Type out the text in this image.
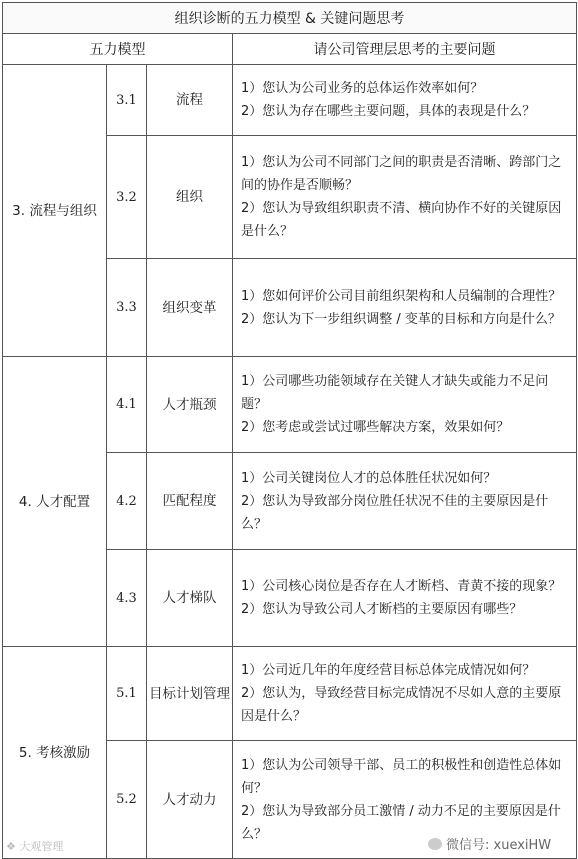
组织诊断的五力模型 & 关键问题思考			
五力模型			请公司管理层思考的主要问题
3. 流程与组织	3.1	流程	1）您认为公司业务的总体运作效率如何？
2）您认为存在哪些主要问题，具体的表现是什么？

	3.2	组织	1）您认为公司不同部门之间的职责是否清晰、跨部门之间的协作是否顺畅？
2）您认为导致组织职责不清、横向协作不好的关键原因是什么？

	3.3	组织变革	1）您如何评价公司目前组织架构和人员编制的合理性？
2）您认为下一步组织调整 / 变革的目标和方向是什么？

4. 人才配置	4.1	人才瓶颈	1）公司哪些功能领域存在关键人才缺失或能力不足问题？
2）您考虑或尝试过哪些解决方案，效果如何？

	4.2	匹配程度	1）公司关键岗位人才的总体胜任状况如何？
2）您认为导致部分岗位胜任状况不佳的主要原因是什么？

	4.3	人才梯队	1）公司核心岗位是否存在人才断档、青黄不接的现象？
2）您认为导致公司人才断档的主要原因有哪些？

5. 考核激励	5.1	目标计划管理	1）公司近几年的年度经营目标总体完成情况如何？
2）您认为，导致经营目标完成情况不尽如人意的主要原因是什么？

	5.2	人才动力	1）您认为公司领导干部、员工的积极性和创造性总体如何？
2）您认为导致部分员工激情 / 动力不足的主要原因是什么？
❖ 大观管理	微信号: xuexiHW
